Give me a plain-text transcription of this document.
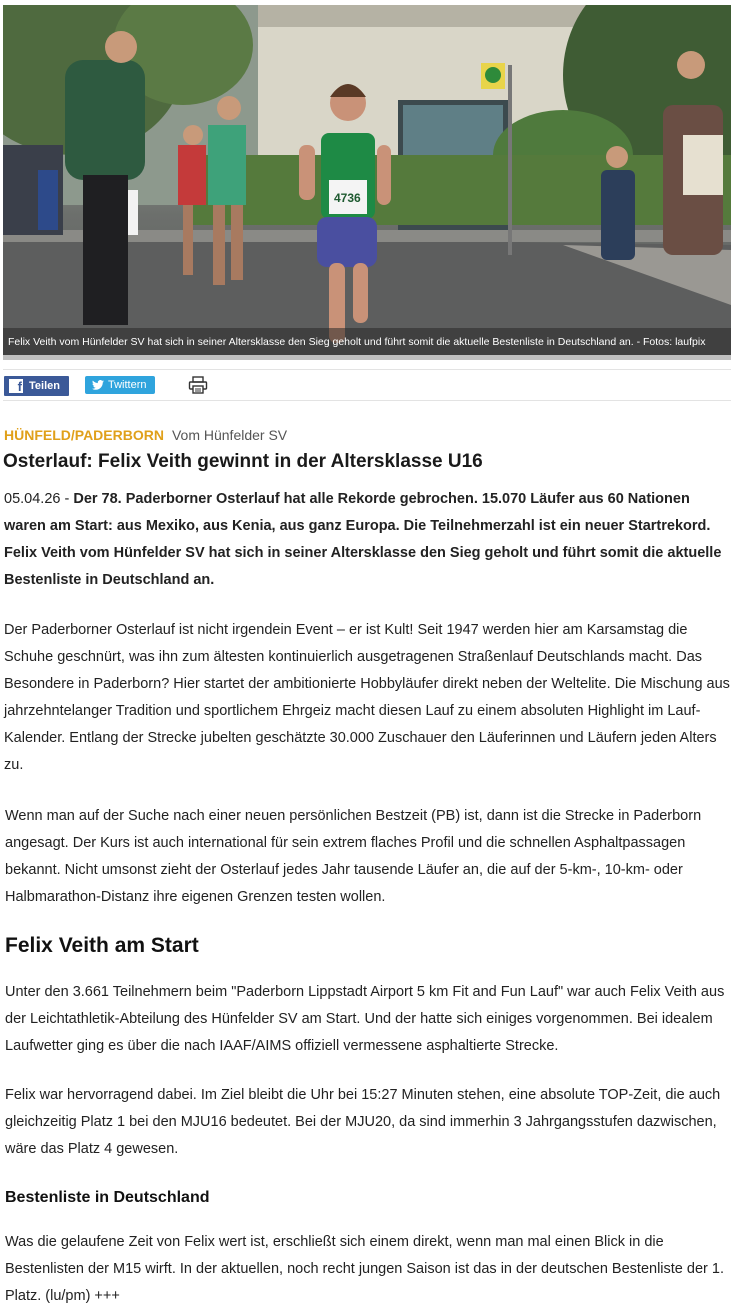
4736
Felix Veith vom Hünfelder SV hat sich in seiner Altersklasse den Sieg geholt und führt somit die aktuelle Bestenliste in Deutschland an. - Fotos: laufpix
f Teilen	Twittern
HÜNFELD/PADERBORN Vom Hünfelder SV
Osterlauf: Felix Veith gewinnt in der Altersklasse U16

05.04.26 - Der 78. Paderborner Osterlauf hat alle Rekorde gebrochen. 15.070 Läufer aus 60 Nationen waren am Start: aus Mexiko, aus Kenia, aus ganz Europa. Die Teilnehmerzahl ist ein neuer Startrekord. Felix Veith vom Hünfelder SV hat sich in seiner Altersklasse den Sieg geholt und führt somit die aktuelle Bestenliste in Deutschland an.

Der Paderborner Osterlauf ist nicht irgendein Event – er ist Kult! Seit 1947 werden hier am Karsamstag die Schuhe geschnürt, was ihn zum ältesten kontinuierlich ausgetragenen Straßenlauf Deutschlands macht. Das Besondere in Paderborn? Hier startet der ambitionierte Hobbyläufer direkt neben der Weltelite. Die Mischung aus jahrzehntelanger Tradition und sportlichem Ehrgeiz macht diesen Lauf zu einem absoluten Highlight im Lauf-Kalender. Entlang der Strecke jubelten geschätzte 30.000 Zuschauer den Läuferinnen und Läufern jeden Alters zu.

Wenn man auf der Suche nach einer neuen persönlichen Bestzeit (PB) ist, dann ist die Strecke in Paderborn angesagt. Der Kurs ist auch international für sein extrem flaches Profil und die schnellen Asphaltpassagen bekannt. Nicht umsonst zieht der Osterlauf jedes Jahr tausende Läufer an, die auf der 5-km-, 10-km- oder Halbmarathon-Distanz ihre eigenen Grenzen testen wollen.

Felix Veith am Start

Unter den 3.661 Teilnehmern beim "Paderborn Lippstadt Airport 5 km Fit and Fun Lauf" war auch Felix Veith aus der Leichtathletik-Abteilung des Hünfelder SV am Start. Und der hatte sich einiges vorgenommen. Bei idealem Laufwetter ging es über die nach IAAF/AIMS offiziell vermessene asphaltierte Strecke.

Felix war hervorragend dabei. Im Ziel bleibt die Uhr bei 15:27 Minuten stehen, eine absolute TOP-Zeit, die auch gleichzeitig Platz 1 bei den MJU16 bedeutet. Bei der MJU20, da sind immerhin 3 Jahrgangsstufen dazwischen, wäre das Platz 4 gewesen.

Bestenliste in Deutschland

Was die gelaufene Zeit von Felix wert ist, erschließt sich einem direkt, wenn man mal einen Blick in die Bestenlisten der M15 wirft. In der aktuellen, noch recht jungen Saison ist das in der deutschen Bestenliste der 1. Platz. (lu/pm) +++
